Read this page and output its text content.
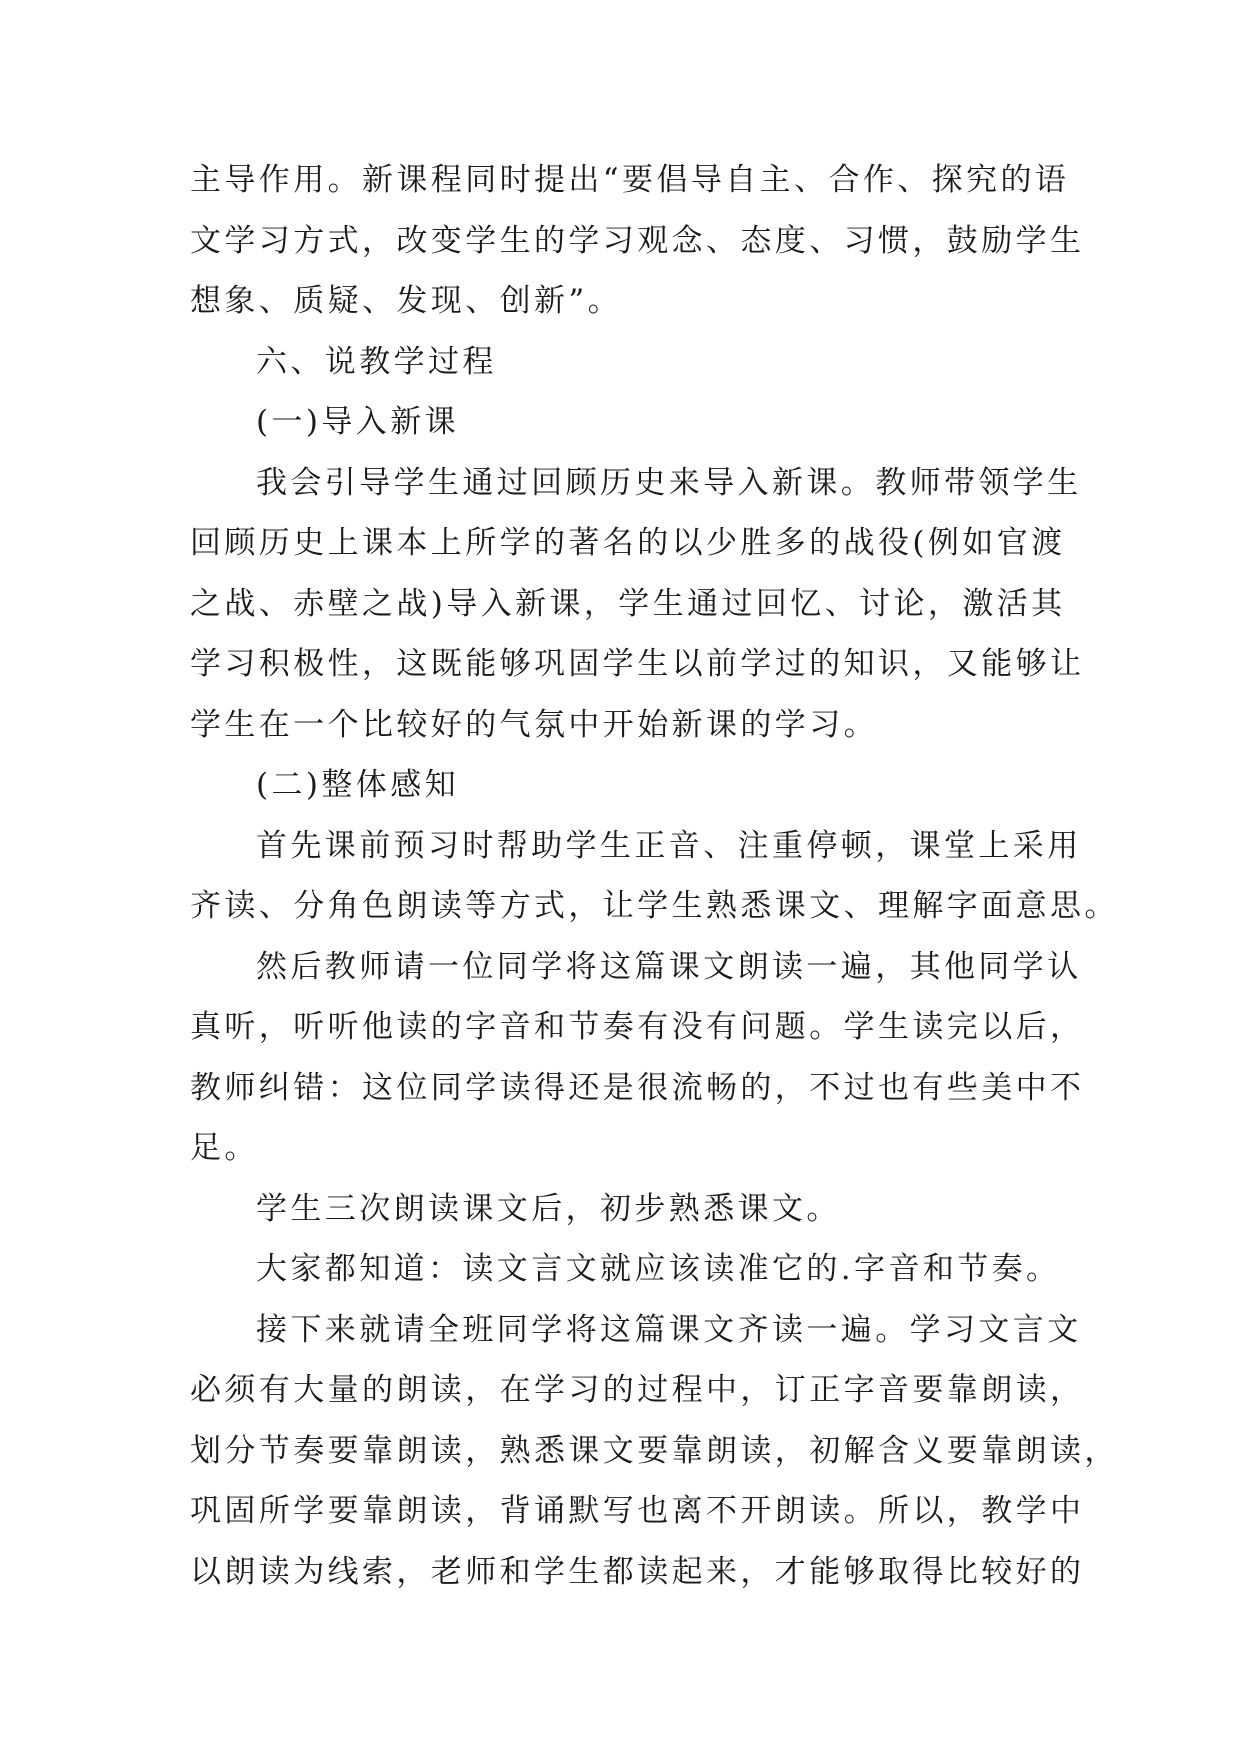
主导作用。新课程同时提出“要倡导自主、合作、探究的语
文学习方式，改变学生的学习观念、态度、习惯，鼓励学生
想象、质疑、发现、创新”。
六、说教学过程
(一)导入新课
我会引导学生通过回顾历史来导入新课。教师带领学生
回顾历史上课本上所学的著名的以少胜多的战役(例如官渡
之战、赤壁之战)导入新课，学生通过回忆、讨论，激活其
学习积极性，这既能够巩固学生以前学过的知识，又能够让
学生在一个比较好的气氛中开始新课的学习。
(二)整体感知
首先课前预习时帮助学生正音、注重停顿，课堂上采用
齐读、分角色朗读等方式，让学生熟悉课文、理解字面意思。
然后教师请一位同学将这篇课文朗读一遍，其他同学认
真听，听听他读的字音和节奏有没有问题。学生读完以后，
教师纠错：这位同学读得还是很流畅的，不过也有些美中不
足。
学生三次朗读课文后，初步熟悉课文。
大家都知道：读文言文就应该读准它的.字音和节奏。
接下来就请全班同学将这篇课文齐读一遍。学习文言文
必须有大量的朗读，在学习的过程中，订正字音要靠朗读，
划分节奏要靠朗读，熟悉课文要靠朗读，初解含义要靠朗读，
巩固所学要靠朗读，背诵默写也离不开朗读。所以，教学中
以朗读为线索，老师和学生都读起来，才能够取得比较好的
